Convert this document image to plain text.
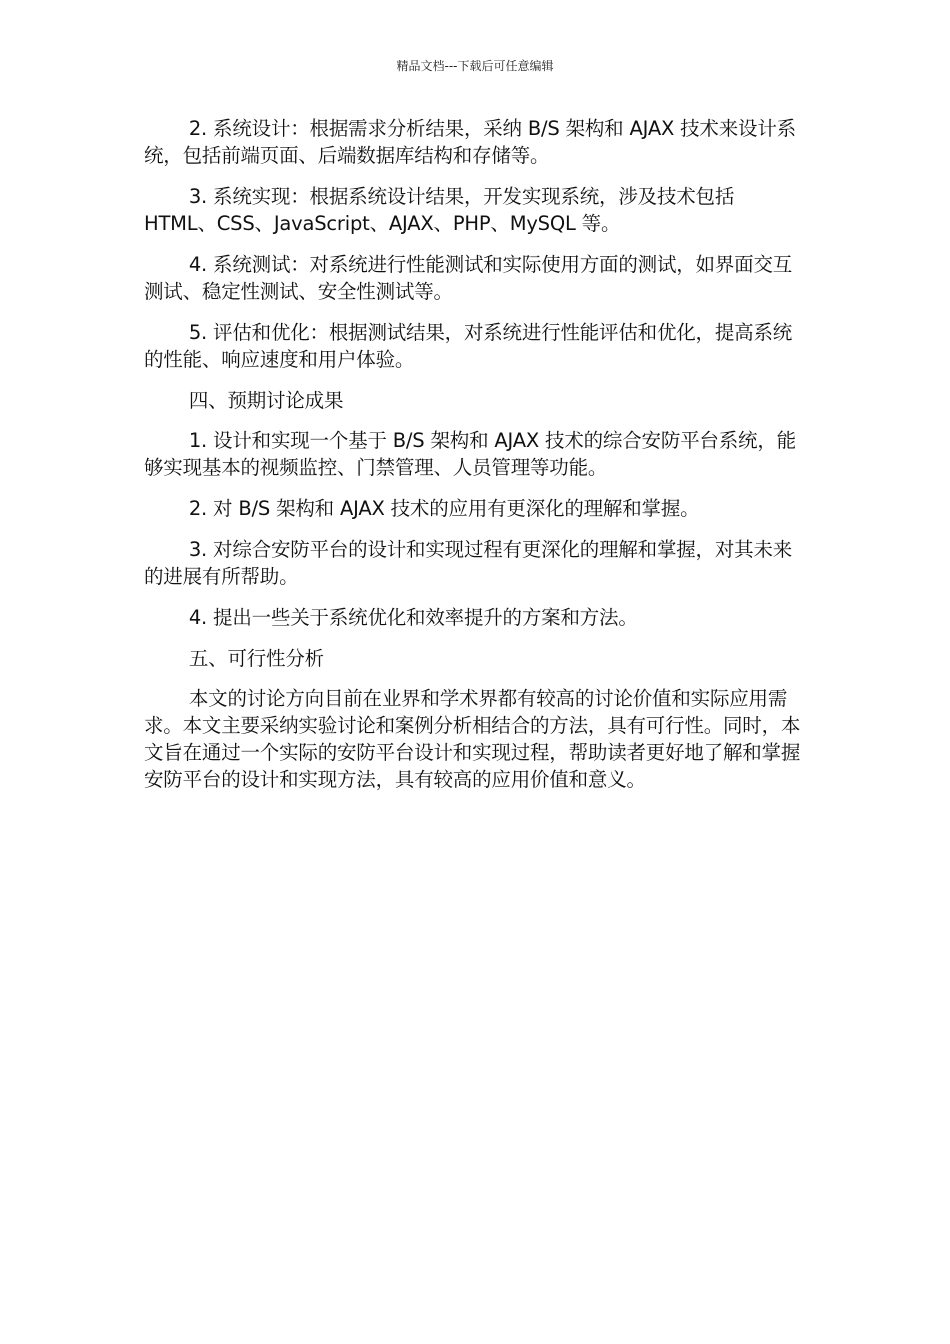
精品文档---下载后可任意编辑

2. 系统设计：根据需求分析结果，采纳 B/S 架构和 AJAX 技术来设计系统，包括前端页面、后端数据库结构和存储等。

3. 系统实现：根据系统设计结果，开发实现系统，涉及技术包括 HTML、CSS、JavaScript、AJAX、PHP、MySQL 等。

4. 系统测试：对系统进行性能测试和实际使用方面的测试，如界面交互测试、稳定性测试、安全性测试等。

5. 评估和优化：根据测试结果，对系统进行性能评估和优化，提高系统的性能、响应速度和用户体验。

四、预期讨论成果

1. 设计和实现一个基于 B/S 架构和 AJAX 技术的综合安防平台系统，能够实现基本的视频监控、门禁管理、人员管理等功能。

2. 对 B/S 架构和 AJAX 技术的应用有更深化的理解和掌握。

3. 对综合安防平台的设计和实现过程有更深化的理解和掌握，对其未来的进展有所帮助。

4. 提出一些关于系统优化和效率提升的方案和方法。

五、可行性分析

本文的讨论方向目前在业界和学术界都有较高的讨论价值和实际应用需求。本文主要采纳实验讨论和案例分析相结合的方法，具有可行性。同时，本文旨在通过一个实际的安防平台设计和实现过程，帮助读者更好地了解和掌握安防平台的设计和实现方法，具有较高的应用价值和意义。
